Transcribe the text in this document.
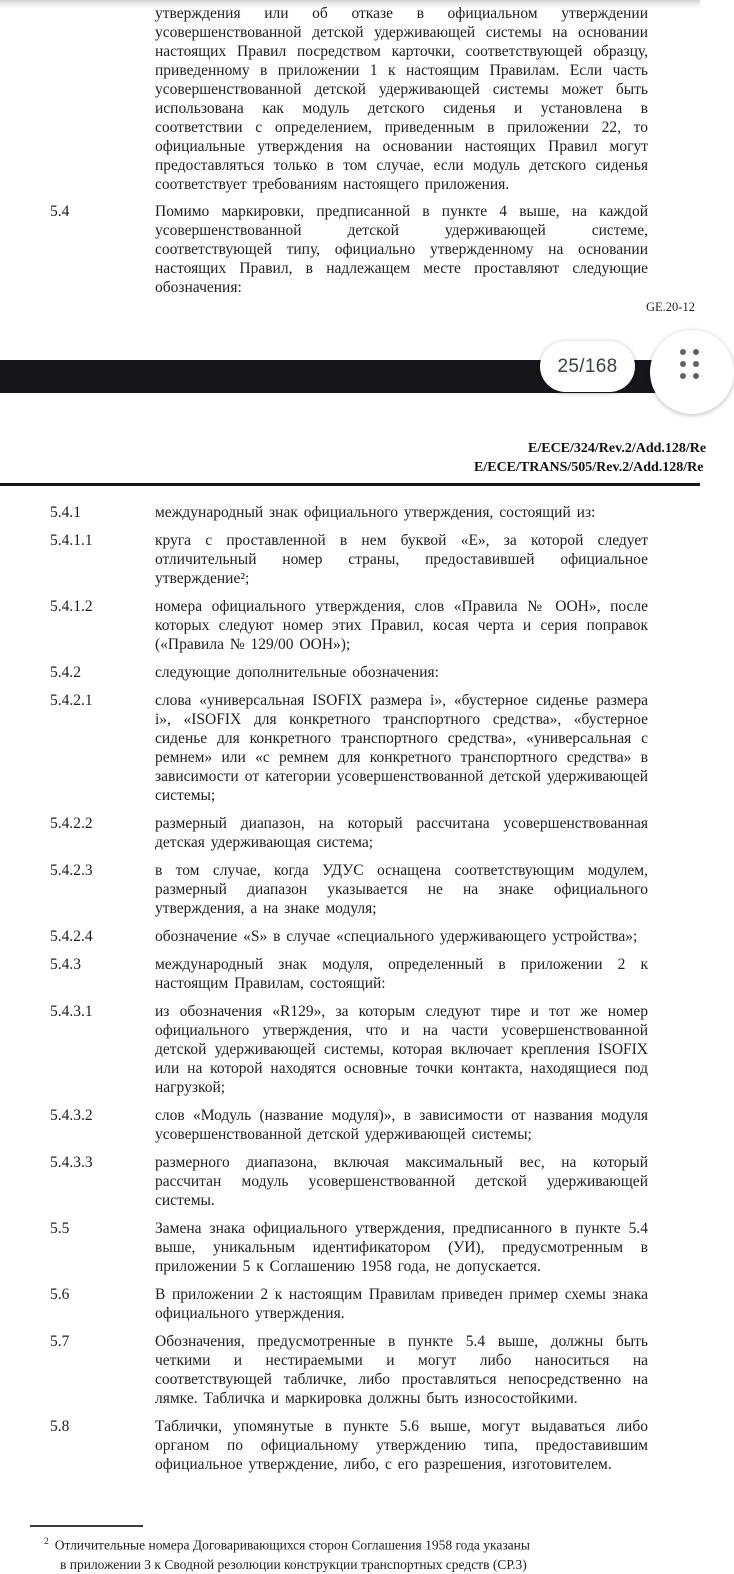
утверждения или об отказе в официальном утверждении усовершенствованной детской удерживающей системы на основании настоящих Правил посредством карточки, соответствующей образцу, приведенному в приложении 1 к настоящим Правилам. Если часть усовершенствованной детской удерживающей системы может быть использована как модуль детского сиденья и установлена в соответствии с определением, приведенным в приложении 22, то официальные утверждения на основании настоящих Правил могут предоставляться только в том случае, если модуль детского сиденья соответствует требованиям настоящего приложения.

5.4	Помимо маркировки, предписанной в пункте 4 выше, на каждой усовершенствованной детской удерживающей системе, соответствующей типу, официально утвержденному на основании настоящих Правил, в надлежащем месте проставляют следующие обозначения:
GE.20-12
25/168
E/ECE/324/Rev.2/Add.128/Re
E/ECE/TRANS/505/Rev.2/Add.128/Re
5.4.1	международный знак официального утверждения, состоящий из:
5.4.1.1	круга с проставленной в нем буквой «E», за которой следует отличительный номер страны, предоставившей официальное утверждение²;
5.4.1.2	номера официального утверждения, слов «Правила № ООН», после которых следуют номер этих Правил, косая черта и серия поправок («Правила № 129/00 ООН»);
5.4.2	следующие дополнительные обозначения:
5.4.2.1	слова «универсальная ISOFIX размера i», «бустерное сиденье размера i», «ISOFIX для конкретного транспортного средства», «бустерное сиденье для конкретного транспортного средства», «универсальная с ремнем» или «с ремнем для конкретного транспортного средства» в зависимости от категории усовершенствованной детской удерживающей системы;
5.4.2.2	размерный диапазон, на который рассчитана усовершенствованная детская удерживающая система;
5.4.2.3	в том случае, когда УДУС оснащена соответствующим модулем, размерный диапазон указывается не на знаке официального утверждения, а на знаке модуля;
5.4.2.4	обозначение «S» в случае «специального удерживающего устройства»;
5.4.3	международный знак модуля, определенный в приложении 2 к настоящим Правилам, состоящий:
5.4.3.1	из обозначения «R129», за которым следуют тире и тот же номер официального утверждения, что и на части усовершенствованной детской удерживающей системы, которая включает крепления ISOFIX или на которой находятся основные точки контакта, находящиеся под нагрузкой;
5.4.3.2	слов «Модуль (название модуля)», в зависимости от названия модуля усовершенствованной детской удерживающей системы;
5.4.3.3	размерного диапазона, включая максимальный вес, на который рассчитан модуль усовершенствованной детской удерживающей системы.
5.5	Замена знака официального утверждения, предписанного в пункте 5.4 выше, уникальным идентификатором (УИ), предусмотренным в приложении 5 к Соглашению 1958 года, не допускается.
5.6	В приложении 2 к настоящим Правилам приведен пример схемы знака официального утверждения.
5.7	Обозначения, предусмотренные в пункте 5.4 выше, должны быть четкими и нестираемыми и могут либо наноситься на соответствующей табличке, либо проставляться непосредственно на лямке. Табличка и маркировка должны быть износостойкими.
5.8	Таблички, упомянутые в пункте 5.6 выше, могут выдаваться либо органом по официальному утверждению типа, предоставившим официальное утверждение, либо, с его разрешения, изготовителем.
$^2$ Отличительные номера Договаривающихся сторон Соглашения 1958 года указаны
в приложении 3 к Сводной резолюции конструкции транспортных средств (СР.3)
